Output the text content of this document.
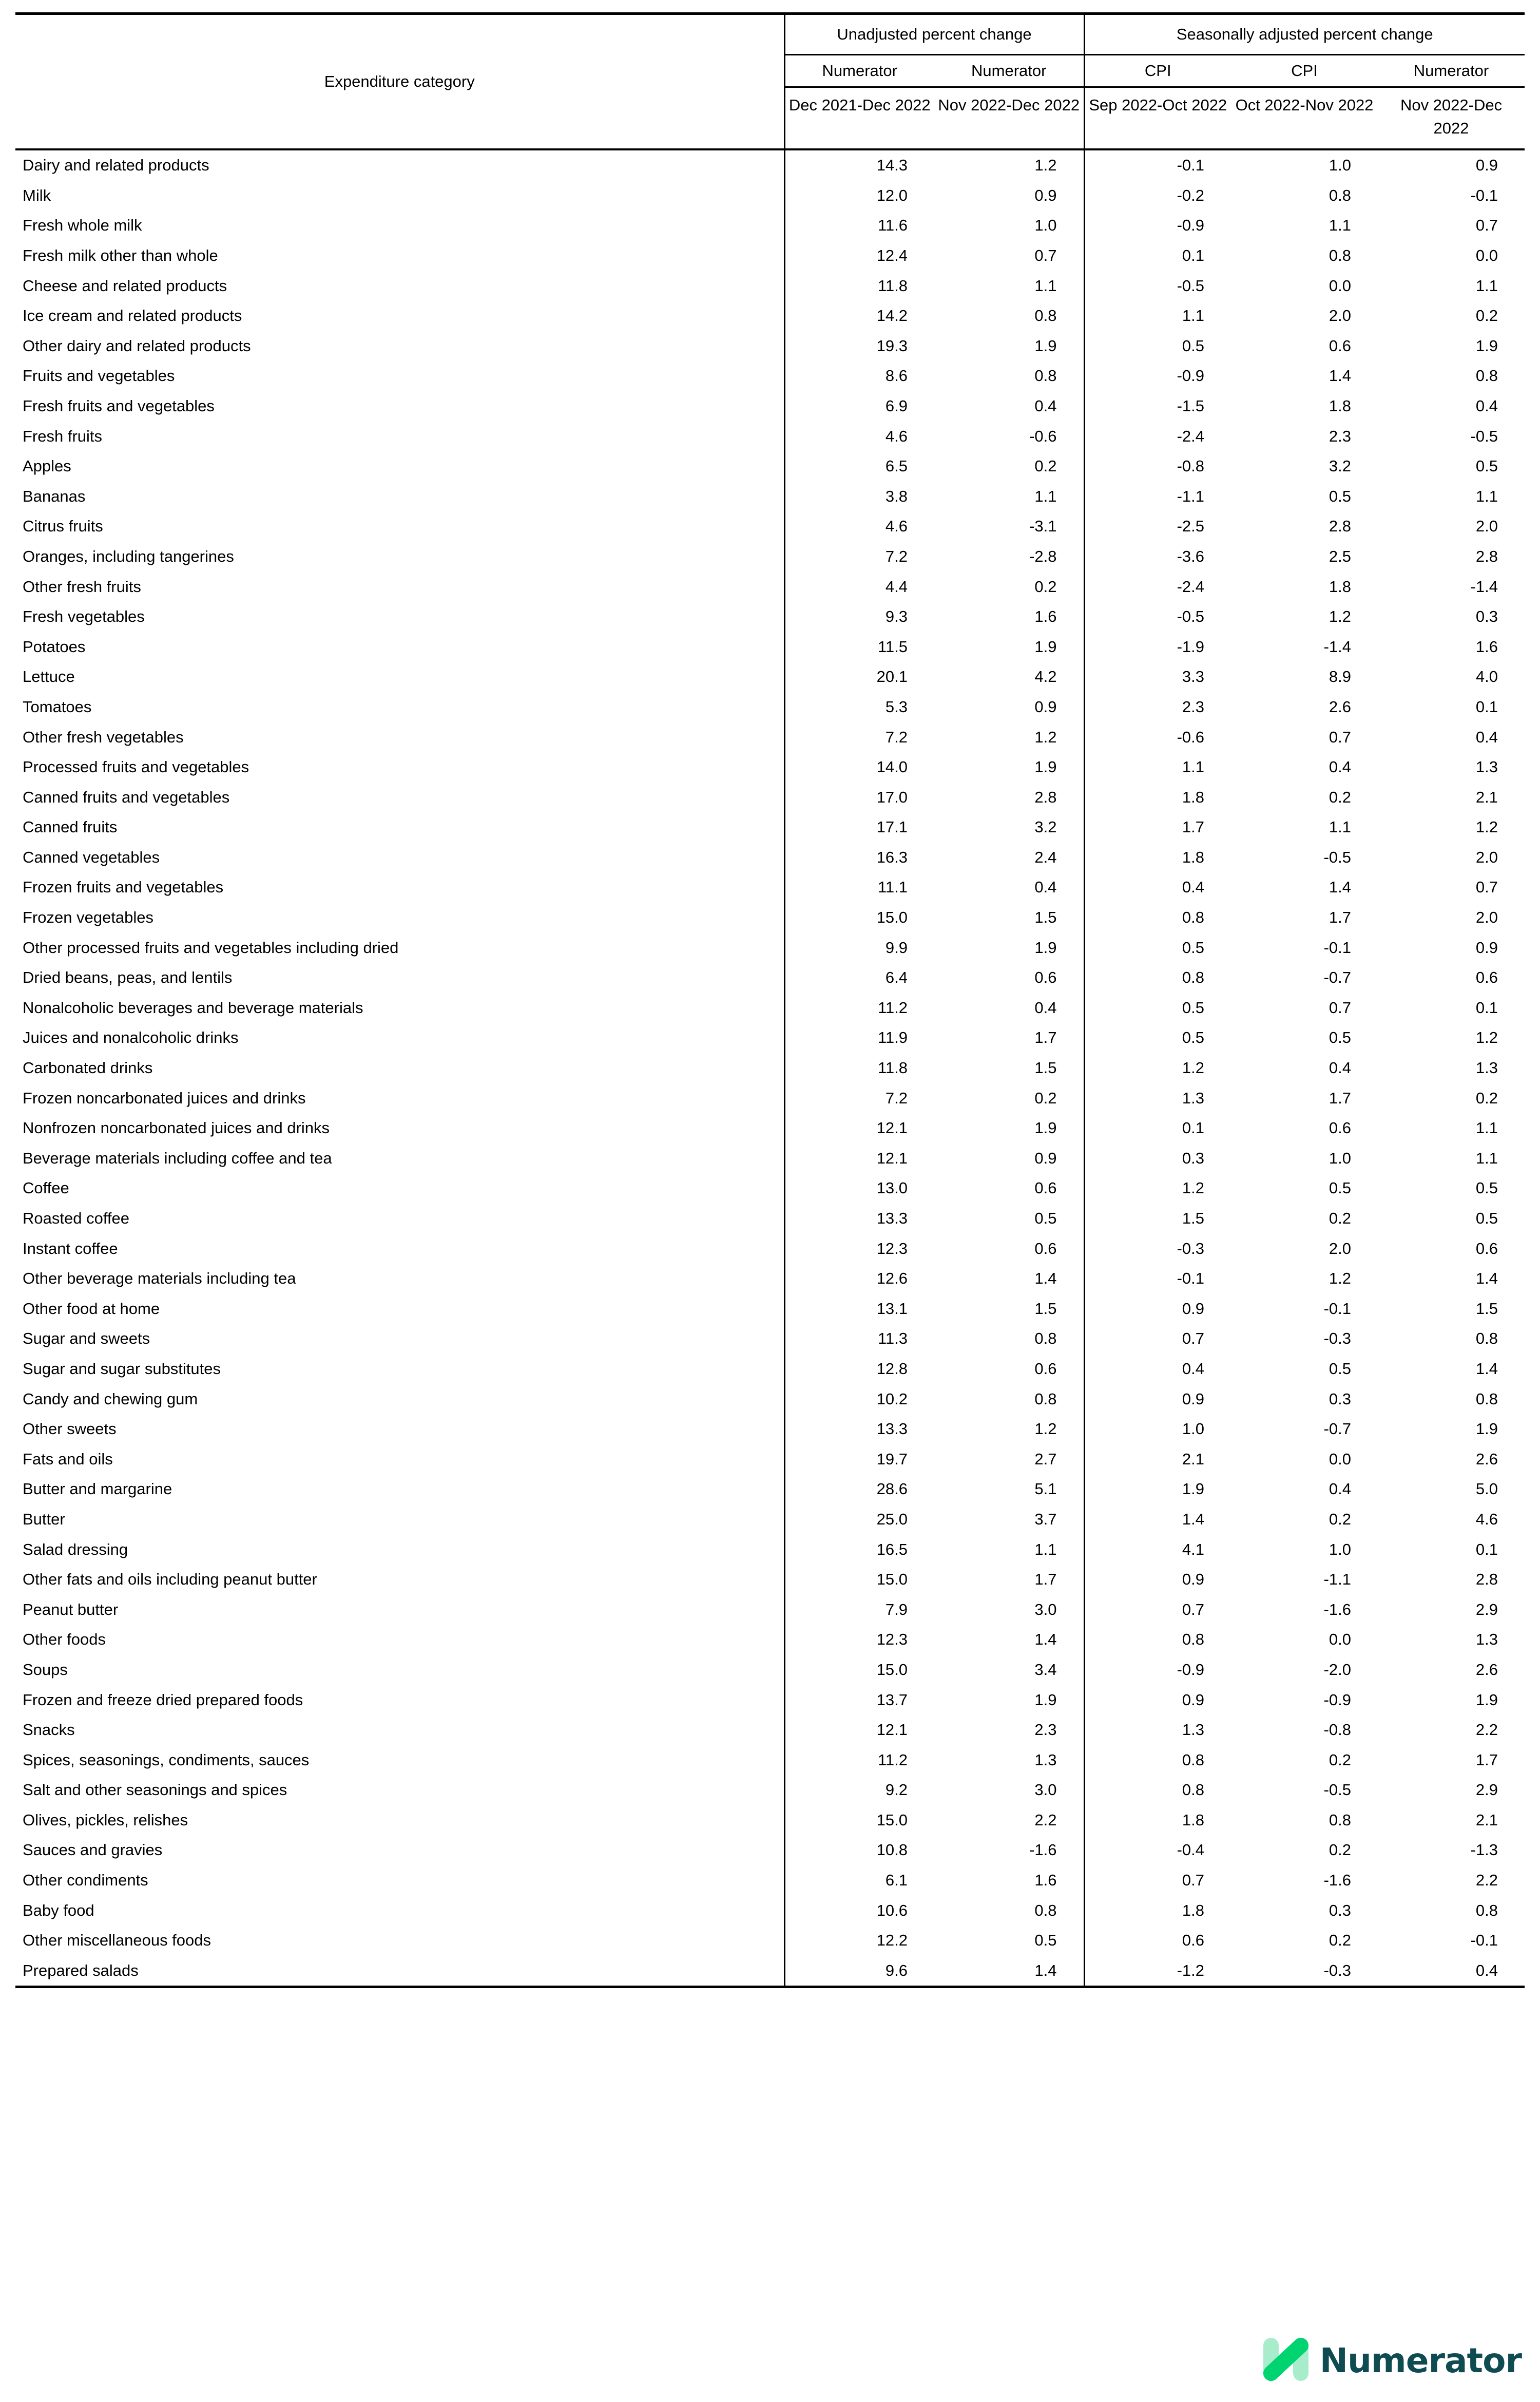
Expenditure category	Unadjusted percent change		Seasonally adjusted percent change		
	Numerator	Numerator	CPI	CPI	Numerator
	Dec 2021-Dec 2022	Nov 2022-Dec 2022	Sep 2022-Oct 2022	Oct 2022-Nov 2022	Nov 2022-Dec 2022

Dairy and related products	14.3	1.2	-0.1	1.0	0.9
Milk	12.0	0.9	-0.2	0.8	-0.1
Fresh whole milk	11.6	1.0	-0.9	1.1	0.7
Fresh milk other than whole	12.4	0.7	0.1	0.8	0.0
Cheese and related products	11.8	1.1	-0.5	0.0	1.1
Ice cream and related products	14.2	0.8	1.1	2.0	0.2
Other dairy and related products	19.3	1.9	0.5	0.6	1.9
Fruits and vegetables	8.6	0.8	-0.9	1.4	0.8
Fresh fruits and vegetables	6.9	0.4	-1.5	1.8	0.4
Fresh fruits	4.6	-0.6	-2.4	2.3	-0.5
Apples	6.5	0.2	-0.8	3.2	0.5
Bananas	3.8	1.1	-1.1	0.5	1.1
Citrus fruits	4.6	-3.1	-2.5	2.8	2.0
Oranges, including tangerines	7.2	-2.8	-3.6	2.5	2.8
Other fresh fruits	4.4	0.2	-2.4	1.8	-1.4
Fresh vegetables	9.3	1.6	-0.5	1.2	0.3
Potatoes	11.5	1.9	-1.9	-1.4	1.6
Lettuce	20.1	4.2	3.3	8.9	4.0
Tomatoes	5.3	0.9	2.3	2.6	0.1
Other fresh vegetables	7.2	1.2	-0.6	0.7	0.4
Processed fruits and vegetables	14.0	1.9	1.1	0.4	1.3
Canned fruits and vegetables	17.0	2.8	1.8	0.2	2.1
Canned fruits	17.1	3.2	1.7	1.1	1.2
Canned vegetables	16.3	2.4	1.8	-0.5	2.0
Frozen fruits and vegetables	11.1	0.4	0.4	1.4	0.7
Frozen vegetables	15.0	1.5	0.8	1.7	2.0
Other processed fruits and vegetables including dried	9.9	1.9	0.5	-0.1	0.9
Dried beans, peas, and lentils	6.4	0.6	0.8	-0.7	0.6
Nonalcoholic beverages and beverage materials	11.2	0.4	0.5	0.7	0.1
Juices and nonalcoholic drinks	11.9	1.7	0.5	0.5	1.2
Carbonated drinks	11.8	1.5	1.2	0.4	1.3
Frozen noncarbonated juices and drinks	7.2	0.2	1.3	1.7	0.2
Nonfrozen noncarbonated juices and drinks	12.1	1.9	0.1	0.6	1.1
Beverage materials including coffee and tea	12.1	0.9	0.3	1.0	1.1
Coffee	13.0	0.6	1.2	0.5	0.5
Roasted coffee	13.3	0.5	1.5	0.2	0.5
Instant coffee	12.3	0.6	-0.3	2.0	0.6
Other beverage materials including tea	12.6	1.4	-0.1	1.2	1.4
Other food at home	13.1	1.5	0.9	-0.1	1.5
Sugar and sweets	11.3	0.8	0.7	-0.3	0.8
Sugar and sugar substitutes	12.8	0.6	0.4	0.5	1.4
Candy and chewing gum	10.2	0.8	0.9	0.3	0.8
Other sweets	13.3	1.2	1.0	-0.7	1.9
Fats and oils	19.7	2.7	2.1	0.0	2.6
Butter and margarine	28.6	5.1	1.9	0.4	5.0
Butter	25.0	3.7	1.4	0.2	4.6
Salad dressing	16.5	1.1	4.1	1.0	0.1
Other fats and oils including peanut butter	15.0	1.7	0.9	-1.1	2.8
Peanut butter	7.9	3.0	0.7	-1.6	2.9
Other foods	12.3	1.4	0.8	0.0	1.3
Soups	15.0	3.4	-0.9	-2.0	2.6
Frozen and freeze dried prepared foods	13.7	1.9	0.9	-0.9	1.9
Snacks	12.1	2.3	1.3	-0.8	2.2
Spices, seasonings, condiments, sauces	11.2	1.3	0.8	0.2	1.7
Salt and other seasonings and spices	9.2	3.0	0.8	-0.5	2.9
Olives, pickles, relishes	15.0	2.2	1.8	0.8	2.1
Sauces and gravies	10.8	-1.6	-0.4	0.2	-1.3
Other condiments	6.1	1.6	0.7	-1.6	2.2
Baby food	10.6	0.8	1.8	0.3	0.8
Other miscellaneous foods	12.2	0.5	0.6	0.2	-0.1
Prepared salads	9.6	1.4	-1.2	-0.3	0.4

Numerator
